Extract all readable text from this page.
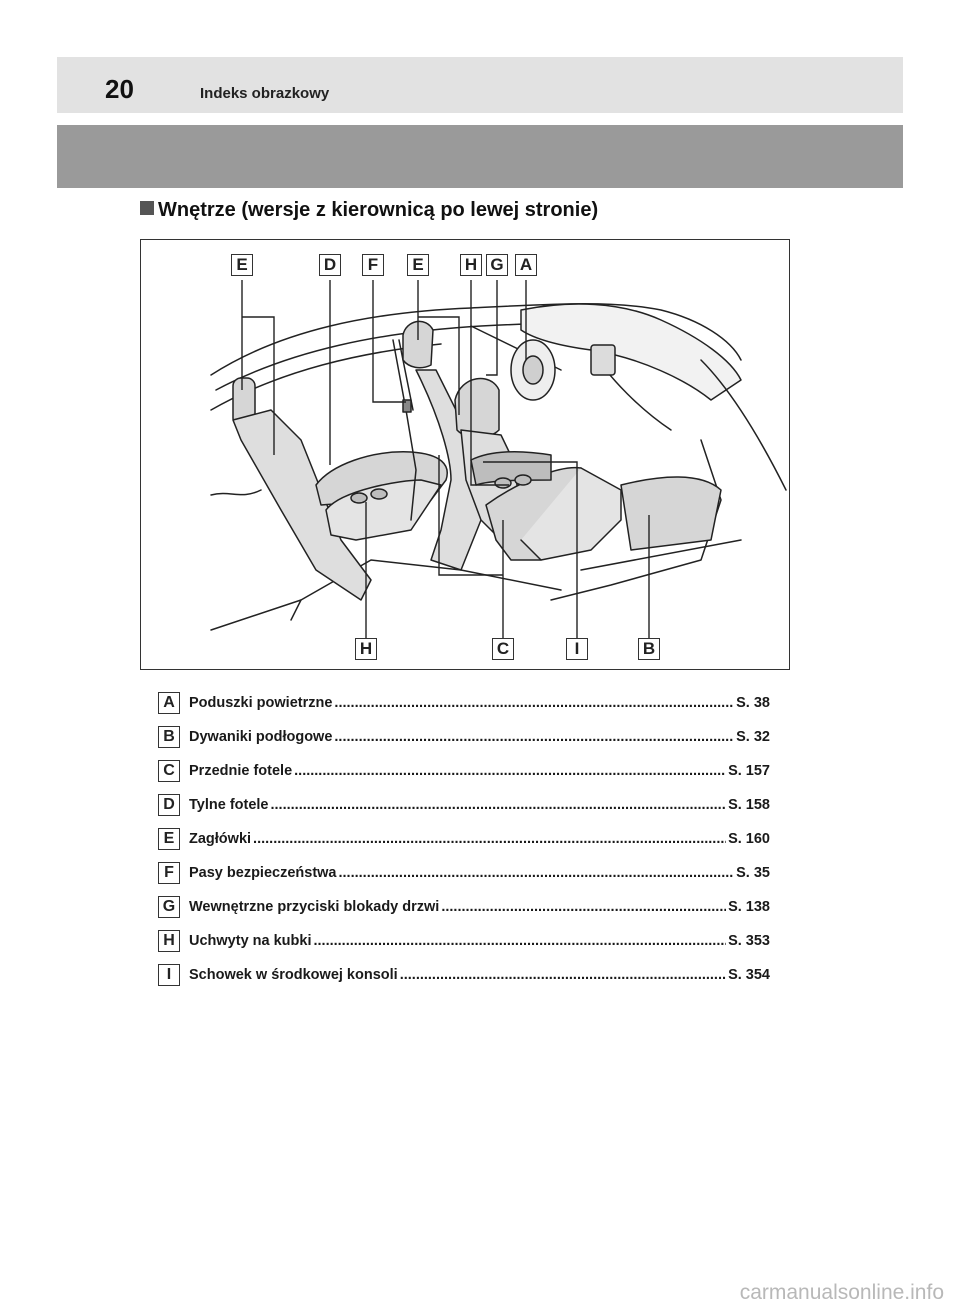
20	Indeks obrazkowy
Wnętrze (wersje z kierownicą po lewej stronie)
E	D	F	E	H G A
H	C	I	B
A Poduszki powietrzne .....	S. 38
B Dywaniki podłogowe .....	S. 32
C Przednie fotele .....	S. 157
D Tylne fotele .....	S. 158
E	Zagłówki .....	S. 160
F	Pasy bezpieczeństwa .....	S. 35
G Wewnętrzne przyciski blokady drzwi .....	S. 138
H Uchwyty na kubki .....	S. 353
I	Schowek w środkowej konsoli .....	S. 354
carmanualsonline.info
